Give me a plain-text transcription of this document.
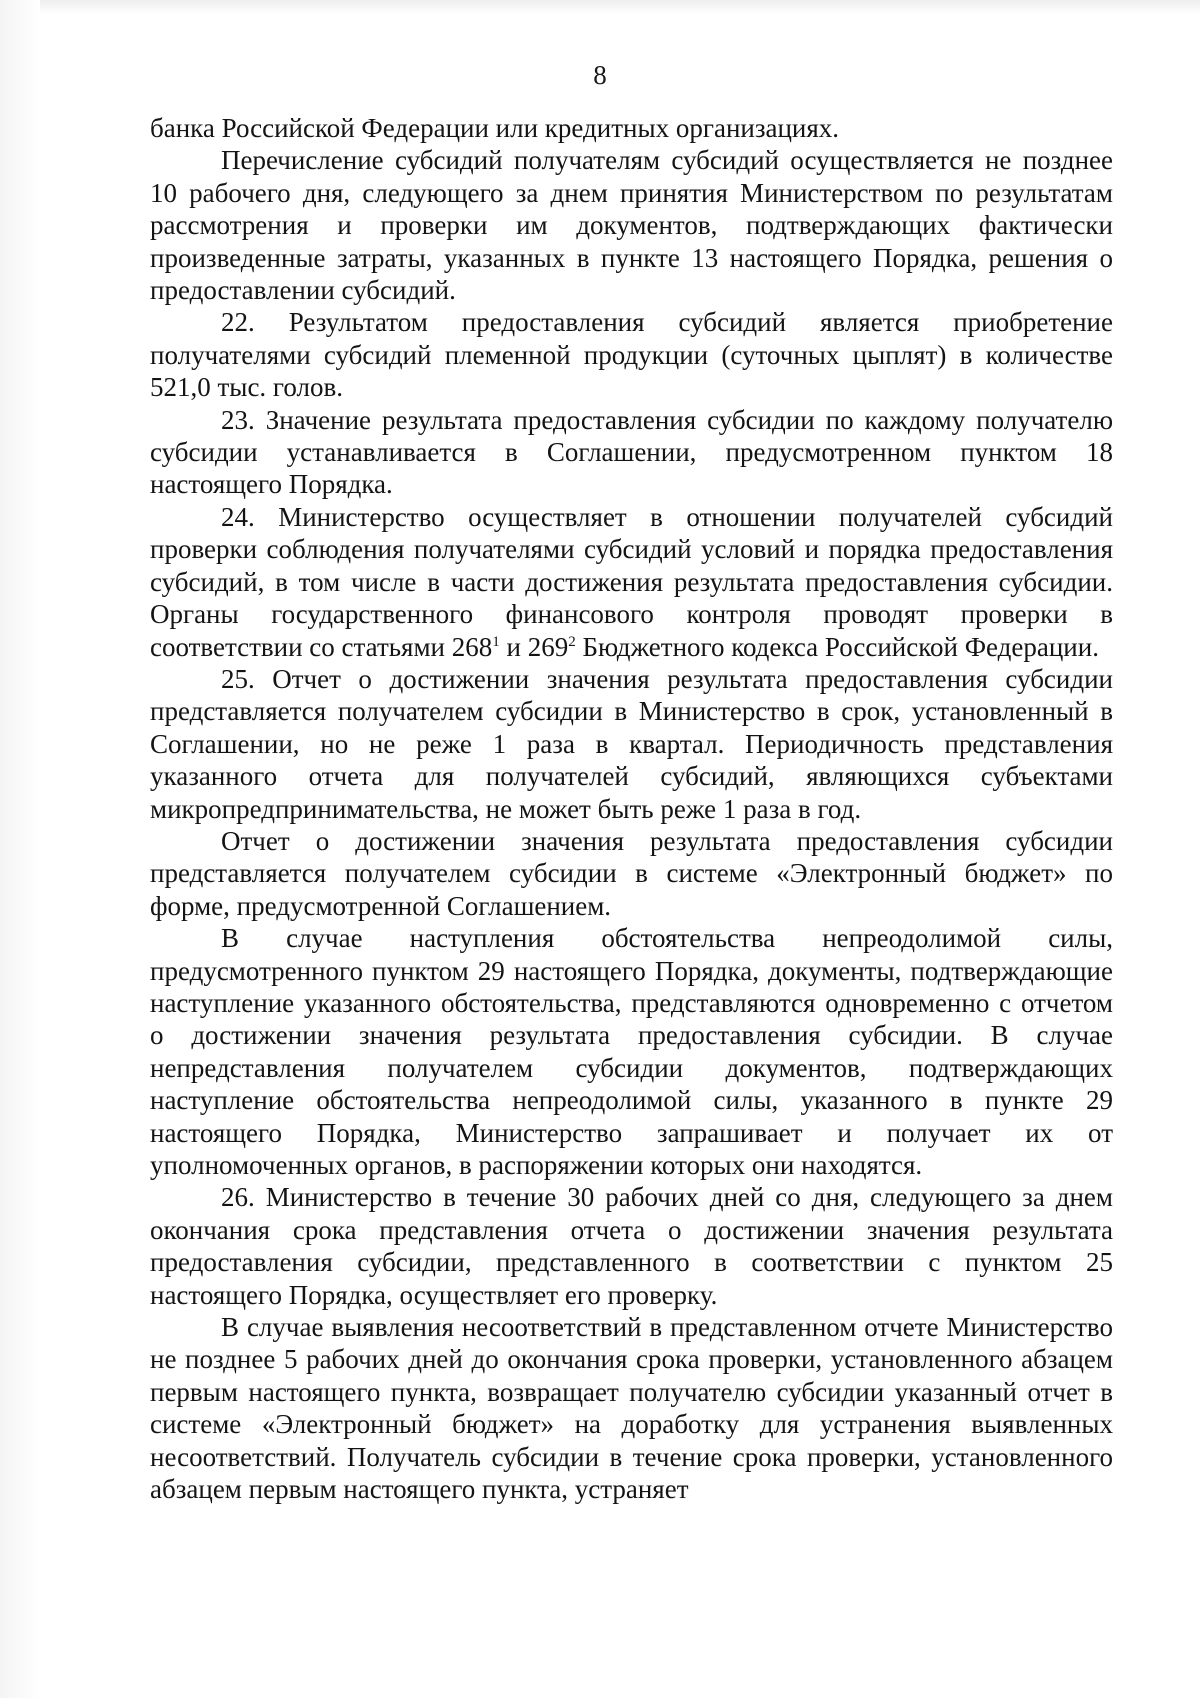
8

банка Российской Федерации или кредитных организациях.

Перечисление субсидий получателям субсидий осуществляется не позднее 10 рабочего дня, следующего за днем принятия Министерством по результатам рассмотрения и проверки им документов, подтверждающих фактически произведенные затраты, указанных в пункте 13 настоящего Порядка, решения о предоставлении субсидий.

22. Результатом предоставления субсидий является приобретение получателями субсидий племенной продукции (суточных цыплят) в количестве 521,0 тыс. голов.

23. Значение результата предоставления субсидии по каждому получателю субсидии устанавливается в Соглашении, предусмотренном пунктом 18 настоящего Порядка.

24. Министерство осуществляет в отношении получателей субсидий проверки соблюдения получателями субсидий условий и порядка предоставления субсидий, в том числе в части достижения результата предоставления субсидии. Органы государственного финансового контроля проводят проверки в соответствии со статьями $268^1$ и $269^2$ Бюджетного кодекса Российской Федерации.

25. Отчет о достижении значения результата предоставления субсидии представляется получателем субсидии в Министерство в срок, установленный в Соглашении, но не реже 1 раза в квартал. Периодичность представления указанного отчета для получателей субсидий, являющихся субъектами микропредпринимательства, не может быть реже 1 раза в год.

Отчет о достижении значения результата предоставления субсидии представляется получателем субсидии в системе «Электронный бюджет» по форме, предусмотренной Соглашением.

В случае наступления обстоятельства непреодолимой силы, предусмотренного пунктом 29 настоящего Порядка, документы, подтверждающие наступление указанного обстоятельства, представляются одновременно с отчетом о достижении значения результата предоставления субсидии. В случае непредставления получателем субсидии документов, подтверждающих наступление обстоятельства непреодолимой силы, указанного в пункте 29 настоящего Порядка, Министерство запрашивает и получает их от уполномоченных органов, в распоряжении которых они находятся.

26. Министерство в течение 30 рабочих дней со дня, следующего за днем окончания срока представления отчета о достижении значения результата предоставления субсидии, представленного в соответствии с пунктом 25 настоящего Порядка, осуществляет его проверку.

В случае выявления несоответствий в представленном отчете Министерство не позднее 5 рабочих дней до окончания срока проверки, установленного абзацем первым настоящего пункта, возвращает получателю субсидии указанный отчет в системе «Электронный бюджет» на доработку для устранения выявленных несоответствий. Получатель субсидии в течение срока проверки, установленного абзацем первым настоящего пункта, устраняет
